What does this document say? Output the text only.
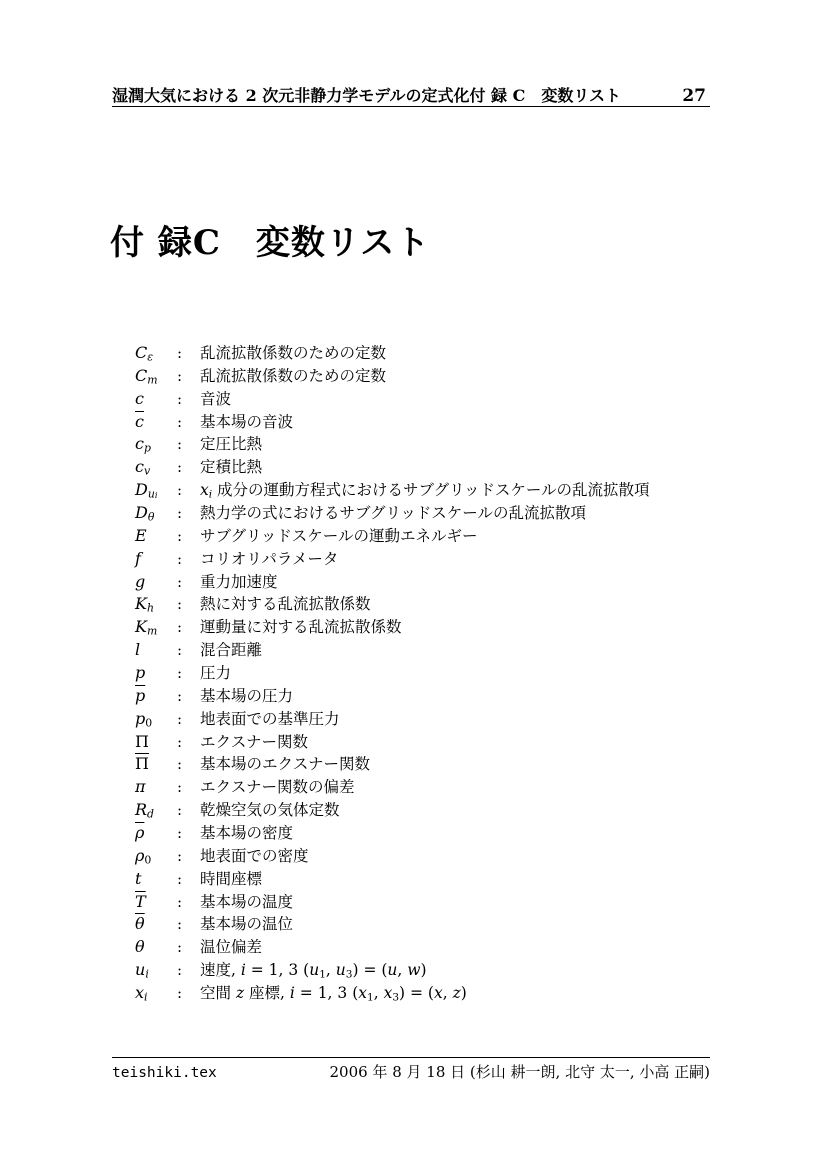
湿潤大気における 2 次元非静力学モデルの定式化 付 録 C　変数リスト	27
付 録C　変数リスト
Cε	:	乱流拡散係数のための定数
Cm	:	乱流拡散係数のための定数
c	:	音波
$\overline{c}$	:	基本場の音波
cp	:	定圧比熱
cv	:	定積比熱
Dui	:	xi 成分の運動方程式におけるサブグリッドスケールの乱流拡散項
Dθ	:	熱力学の式におけるサブグリッドスケールの乱流拡散項
E	:	サブグリッドスケールの運動エネルギー
f	:	コリオリパラメータ
g	:	重力加速度
Kh	:	熱に対する乱流拡散係数
Km	:	運動量に対する乱流拡散係数
l	:	混合距離
p	:	圧力
$\overline{p}$	:	基本場の圧力
p0	:	地表面での基準圧力
Π	:	エクスナー関数
$\overline{\Pi}$	:	基本場のエクスナー関数
π	:	エクスナー関数の偏差
Rd	:	乾燥空気の気体定数
$\overline{\rho}$	:	基本場の密度
ρ0	:	地表面での密度
t	:	時間座標
$\overline{T}$	:	基本場の温度
$\overline{\theta}$	:	基本場の温位
θ	:	温位偏差
ui	:	速度, i = 1, 3 (u1, u3) = (u, w)
xi	:	空間 z 座標, i = 1, 3 (x1, x3) = (x, z)
teishiki.tex	2006 年 8 月 18 日 (杉山 耕一朗, 北守 太一, 小高 正嗣)
